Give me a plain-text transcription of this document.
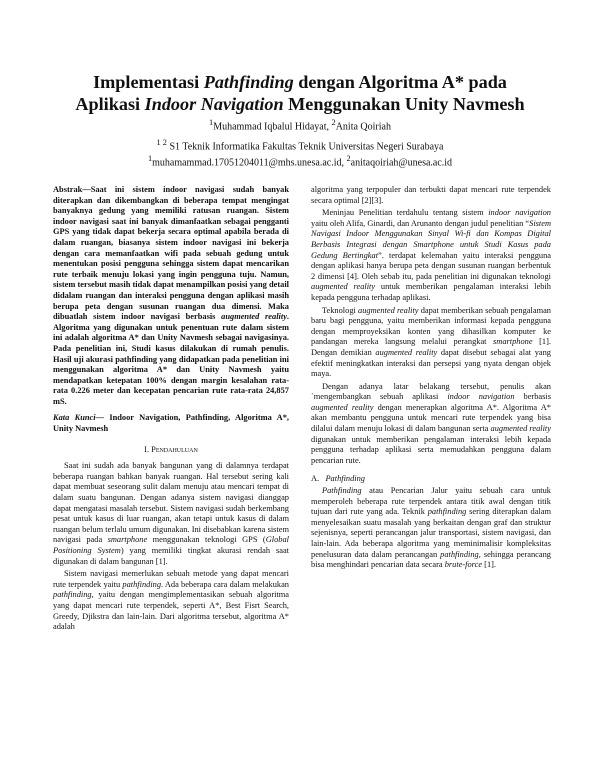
Implementasi Pathfinding dengan Algoritma A* pada
Aplikasi Indoor Navigation Menggunakan Unity Navmesh
$^1$Muhammad Iqbalul Hidayat, $^2$Anita Qoiriah
$^{1 2}$ S1 Teknik Informatika Fakultas Teknik Universitas Negeri Surabaya
$^1$muhamammad.17051204011@mhs.unesa.ac.id, $^2$anitaqoiriah@unesa.ac.id

Abstrak—Saat ini sistem indoor navigasi sudah banyak diterapkan dan dikembangkan di beberapa tempat mengingat banyaknya gedung yang memiliki ratusan ruangan. Sistem indoor navigasi saat ini banyak dimanfaatkan sebagai pengganti GPS yang tidak dapat bekerja secara optimal apabila berada di dalam ruangan, biasanya sistem indoor navigasi ini bekerja dengan cara memanfaatkan wifi pada sebuah gedung untuk menentukan posisi pengguna sehingga sistem dapat mencarikan rute terbaik menuju lokasi yang ingin pengguna tuju. Namun, sistem tersebut masih tidak dapat menampilkan posisi yang detail didalam ruangan dan interaksi pengguna dengan aplikasi masih berupa peta dengan susunan ruangan dua dimensi. Maka dibuatlah sistem indoor navigasi berbasis augmented reality. Algoritma yang digunakan untuk penentuan rute dalam sistem ini adalah algoritma A* dan Unity Navmesh sebagai navigasinya. Pada penelitian ini, Studi kasus dilakukan di rumah penulis. Hasil uji akurasi pathfinding yang didapatkan pada penelitian ini menggunakan algoritma A* dan Unity Navmesh yaitu mendapatkan ketepatan 100% dengan margin kesalahan rata-rata 0.226 meter dan kecepatan pencarian rute rata-rata 24,857 mS.

Kata Kunci— Indoor Navigation, Pathfinding, Algoritma A*, Unity Navmesh

I. Pendahuluan

Saat ini sudah ada banyak bangunan yang di dalamnya terdapat beberapa ruangan bahkan banyak ruangan. Hal tersebut sering kali dapat membuat seseorang sulit dalam menuju atau mencari tempat di dalam suatu bangunan. Dengan adanya sistem navigasi dianggap dapat mengatasi masalah tersebut. Sistem navigasi sudah berkembang pesat untuk kasus di luar ruangan, akan tetapi untuk kasus di dalam ruangan belum terlalu umum digunakan. Ini disebabkan karena sistem navigasi pada smartphone menggunakan teknologi GPS (Global Positioning System) yang memiliki tingkat akurasi rendah saat digunakan di dalam bangunan [1].

Sistem navigasi memerlukan sebuah metode yang dapat mencari rute terpendek yaitu pathfinding. Ada beberapa cara dalam melakukan pathfinding, yaitu dengan mengimplementasikan sebuah algoritma yang dapat mencari rute terpendek, seperti A*, Best Fisrt Search, Greedy, Djikstra dan lain-lain. Dari algoritma tersebut, algoritma A* adalah

algoritma yang terpopuler dan terbukti dapat mencari rute terpendek secara optimal [2][3].

Meninjau Penelitian terdahulu tentang sistem indoor navigation yaitu oleh Alifa, Ginardi, dan Arunanto dengan judul penelitian “Sistem Navigasi Indoor Menggunakan Sinyal Wi-fi dan Kompas Digital Berbasis Integrasi dengan Smartphone untuk Studi Kasus pada Gedung Bertingkat”. terdapat kelemahan yaitu interaksi pengguna dengan aplikasi hanya berupa peta dengan susunan ruangan berbentuk 2 dimensi [4]. Oleh sebab itu, pada penelitian ini digunakan teknologi augmented reality untuk memberikan pengalaman interaksi lebih kepada pengguna terhadap aplikasi.

Teknologi augmented reality dapat memberikan sebuah pengalaman baru bagi pengguna, yaitu memberikan informasi kepada pengguna dengan memproyeksikan konten yang dihasilkan komputer ke pandangan mereka langsung melalui perangkat smartphone [1]. Dengan demikian augmented reality dapat disebut sebagai alat yang efektif meningkatkan interaksi dan persepsi yang nyata dengan objek maya.

Dengan adanya latar belakang tersebut, penulis akan `mengembangkan sebuah aplikasi indoor navigation berbasis augmented reality dengan menerapkan algoritma A*. Algoritma A* akan membantu pengguna untuk mencari rute terpendek yang bisa dilalui dalam menuju lokasi di dalam bangunan serta augmented reality digunakan untuk memberikan pengalaman interaksi lebih kepada pengguna terhadap aplikasi serta memudahkan pengguna dalam pencarian rute.

A. Pathfinding

Pathfinding atau Pencarian Jalur yaitu sebuah cara untuk memperoleh beberapa rute terpendek antara titik awal dengan titik tujuan dari rute yang ada. Teknik pathfinding sering diterapkan dalam menyelesaikan suatu masalah yang berkaitan dengan graf dan struktur sejenisnya, seperti perancangan jalur transportasi, sistem navigasi, dan lain-lain. Ada beberapa algoritma yang meminimalisir kompleksitas penelusuran data dalam perancangan pathfinding, sehingga perancang bisa menghindari pencarian data secara brute-force [1].
